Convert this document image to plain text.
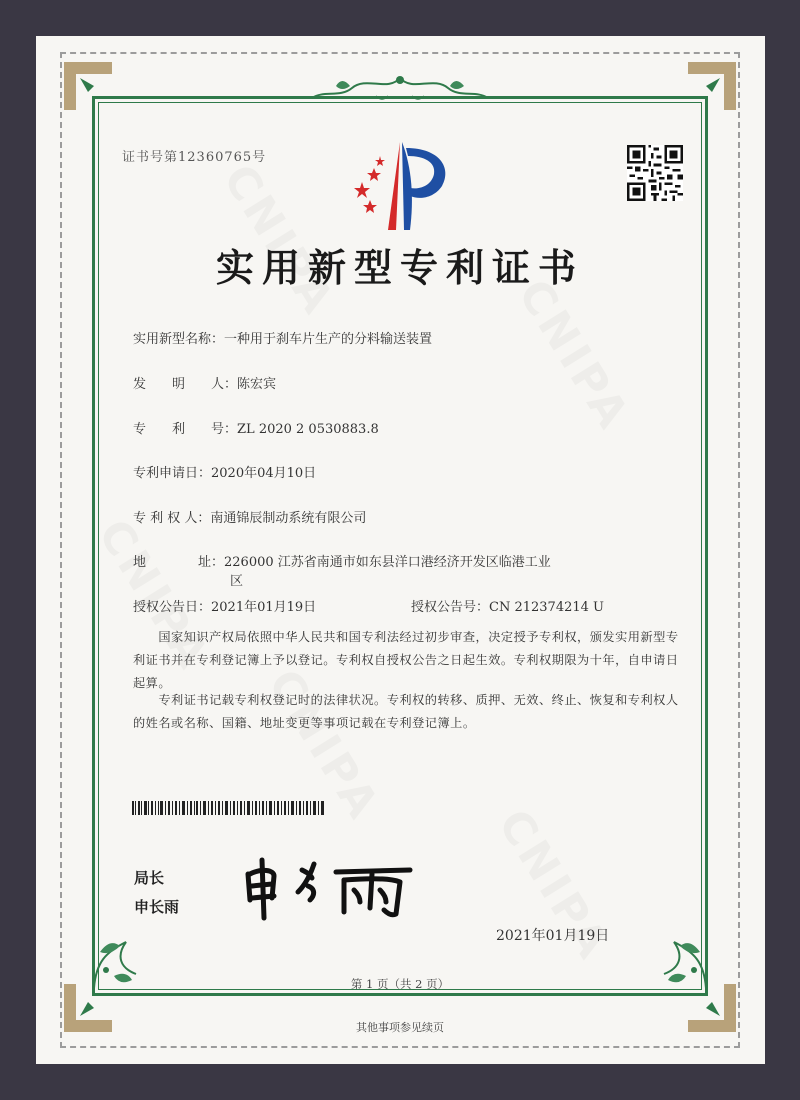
证书号第12360765号
实用新型专利证书
实用新型名称：一种用于刹车片生产的分料输送装置
发　　明　　人：陈宏宾
专　　利　　号：ZL 2020 2 0530883.8
专利申请日：2020年04月10日
专 利 权 人：南通锦辰制动系统有限公司
地　　　　址：226000 江苏省南通市如东县洋口港经济开发区临港工业
区
授权公告日：2021年01月19日	授权公告号：CN 212374214 U
　　国家知识产权局依照中华人民共和国专利法经过初步审查，决定授予专利权，颁发实用新型专利证书并在专利登记簿上予以登记。专利权自授权公告之日起生效。专利权期限为十年，自申请日起算。
　　专利证书记载专利权登记时的法律状况。专利权的转移、质押、无效、终止、恢复和专利权人的姓名或名称、国籍、地址变更等事项记载在专利登记簿上。
局长
申长雨
2021年01月19日
第 1 页（共 2 页）
其他事项参见续页
